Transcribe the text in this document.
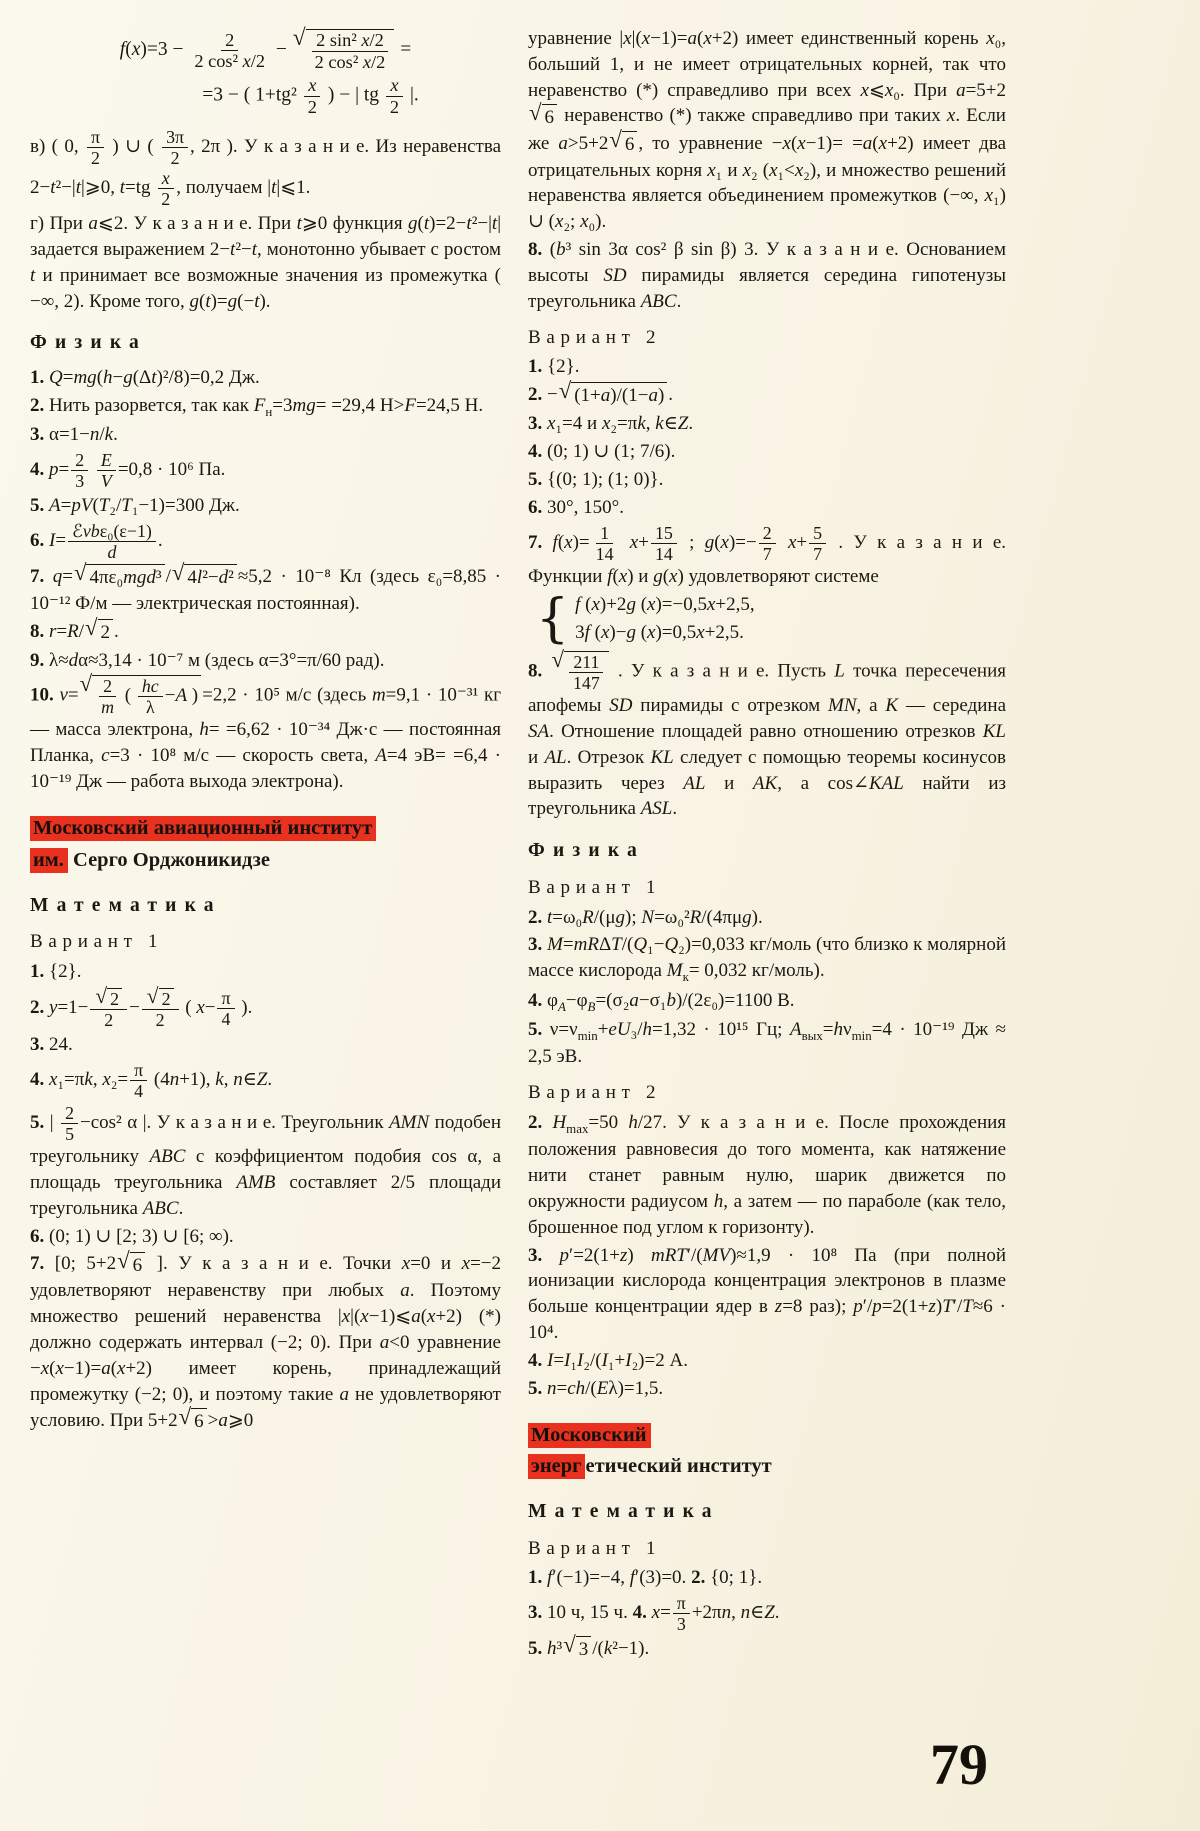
$f(x)=3 - \frac{2}{\text{2 cos² x/2}}$ − √ $\frac{\text{2 sin² x/2}}{\text{2 cos² x/2}}$ =
=3 − ( $1+tg^2 \frac{x}{2}$ ) − | tg $\frac{x}{2}$ |.

в) ( 0, $\frac{\pi}{2}$ ) ∪ ( $\frac{3\pi}{2}$ , 2π ). У к а з а н и е. Из неравенства 2−t²−|t|⩾0, $t=tg \frac{x}{2}$ , получаем |t|⩽1.

г) При a⩽2. У к а з а н и е. При t⩾0 функция g(t)=2−t²−|t| задается выражением 2−t²−t, монотонно убывает с ростом t и принимает все возможные значения из промежутка ( −∞, 2). Кроме того, g(t)=g(−t).

Физика

1. Q=mg(h−g(Δt)²/8)=0,2 Дж.

2. Нить разорвется, так как $F_н=3mg= =29,4$ Н>F=24,5 Н.

3. α=1−n/k.

4. $p= \frac{2}{3}$
$\frac{E}{V} =0,8 \cdot 10^6$ Па.

5. A=pV(T₂/T₁−1)=300 Дж.

6. $I= \frac{\text{ℰvbε₀(ε−1)}}{d}$ .

7. q= √ 4πε₀mgd³ / √ 4l²−d² ≈5,2 · 10⁻⁸ Кл (здесь ε₀=8,85 · 10⁻¹² Ф/м — электрическая постоянная).

8. r=R/ √ 2 .

9. λ≈dα≈3,14 · 10⁻⁷ м (здесь α=3°=π/60 рад).

10. v= √ $\frac{2}{m}$ ( $\frac{hc}{\lambda} -A$ ) =2,2 · 10⁵ м/с (здесь m=9,1 · 10⁻³¹ кг — масса электрона, h= =6,62 · 10⁻³⁴ Дж·с — постоянная Планка, c=3 · 10⁸ м/с — скорость света, A=4 эВ= =6,4 · 10⁻¹⁹ Дж — работа выхода электрона).

Московский авиационный институт
им. Серго Орджоникидзе
Математика
Вариант 1

1. {2}.

2. $y=1- \frac{√ 2}{2} - \frac{√ 2}{2}$ ( $x- \frac{\pi}{4}$ ).

3. 24.

4. x₁=πk, $x_2= \frac{\pi}{4} (4n+1)$, k, n∈Z.

5. | $\frac{2}{5} -\cos^2$ α |. У к а з а н и е. Треугольник AMN подобен треугольнику ABC с коэффициентом подобия cos α, а площадь треугольника AMB составляет 2/5 площади треугольника ABC.

6. (0; 1) ∪ [2; 3) ∪ [6; ∞).

7. [0; 5+2 √ 6 ]. У к а з а н и е. Точки x=0 и x=−2 удовлетворяют неравенству при любых a. Поэтому множество решений неравенства |x|(x−1)⩽a(x+2) (*) должно содержать интервал (−2; 0). При a<0 уравнение −x(x−1)=a(x+2) имеет корень, принадлежащий промежутку (−2; 0), и поэтому такие a не удовлетворяют условию. При 5+2 √ 6 >a⩾0

уравнение |x|(x−1)=a(x+2) имеет единственный корень x₀, больший 1, и не имеет отрицательных корней, так что неравенство (*) справедливо при всех x⩽x₀. При a=5+2
√ 6 неравенство (*) также справедливо при таких x. Если же a>5+2 √ 6 , то уравнение −x(x−1)= =a(x+2) имеет два отрицательных корня x₁ и x₂ (x₁<x₂), и множество решений неравенства является объединением промежутков (−∞, x₁) ∪ (x₂; x₀).

8. (b³ sin 3α cos² β sin β) 3. У к а з а н и е. Основанием высоты SD пирамиды является середина гипотенузы треугольника ABC.

Вариант 2

1. {2}.

2. − √ (1+a)/(1−a) .

3. x₁=4 и x₂=πk, k∈Z.

4. (0; 1) ∪ (1; 7/6).

5. {(0; 1); (1; 0)}.

6. 30°, 150°.

7. $f(x)= \frac{1}{14} x+ \frac{15}{14}$ ; $g(x)=- \frac{2}{7} x+ \frac{5}{7}$ . У к а з а н и е. Функции f(x) и g(x) удовлетворяют системе

{ f (x)+2g (x)=−0,5x+2,5,
3f (x)−g (x)=0,5x+2,5.

8. √ $\frac{211}{147}$ . У к а з а н и е. Пусть L точка пересечения апофемы SD пирамиды с отрезком MN, а K — середина SA. Отношение площадей равно отношению отрезков KL и AL. Отрезок KL следует с помощью теоремы косинусов выразить через AL и AK, а cos∠KAL найти из треугольника ASL.

Физика
Вариант 1

2. t=ω₀R/(μg); N=ω₀²R/(4πμg).

3. M=mRΔT/(Q₁−Q₂)=0,033 кг/моль (что близко к молярной массе кислорода $M_к= 0,032$ кг/моль).

4. $\varphi_A-\varphi_B=(\sigma_2a-\sigma_1b)/(2\varepsilon_0)=1100$ В.

5. $\nu=\nu_{min}+eU_3/h=1,32 \cdot 10^{15}$ Гц; $A_{вых}=h\nu_{min}=4 \cdot 10^{-19}$ Дж ≈ 2,5 эВ.

Вариант 2

2. $H_{max}=50$ h/27. У к а з а н и е. После прохождения положения равновесия до того момента, как натяжение нити станет равным нулю, шарик движется по окружности радиусом h, а затем — по параболе (как тело, брошенное под углом к горизонту).

3. p′=2(1+z) mRT′/(MV)≈1,9 · 10⁸ Па (при полной ионизации кислорода концентрация электронов в плазме больше концентрации ядер в z=8 раз); p′/p=2(1+z)T′/T≈6 · 10⁴.

4. I=I₁I₂/(I₁+I₂)=2 А.

5. n=ch/(Eλ)=1,5.

Московский
энерг етический институт
Математика
Вариант 1

1. f′(−1)=−4, f′(3)=0. 2. {0; 1}.

3. 10 ч, 15 ч. 4. $x= \frac{\pi}{3} +2\pi n$, n∈Z.

5. h³ √ 3 /(k²−1).

79
